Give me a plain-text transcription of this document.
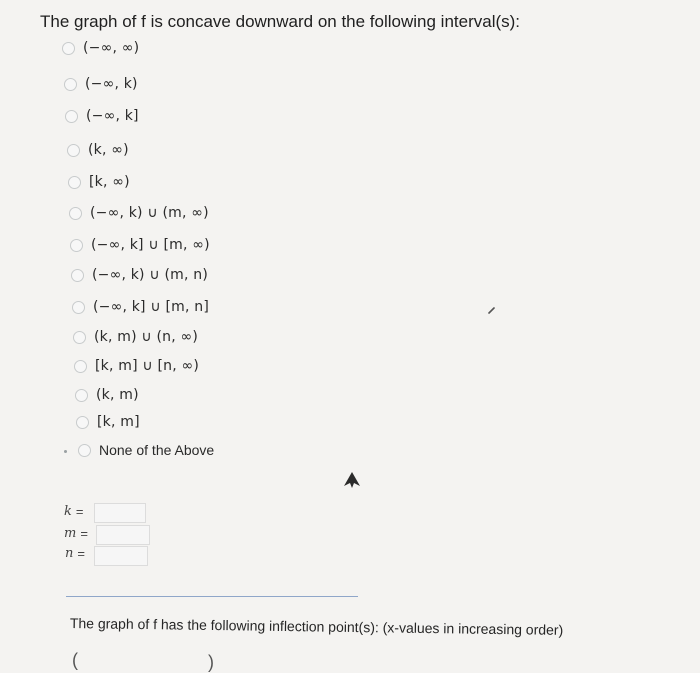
The graph of f is concave downward on the following interval(s):
(−∞, ∞)
(−∞, k)
(−∞, k]
(k, ∞)
[k, ∞)
(−∞, k) ∪ (m, ∞)
(−∞, k] ∪ [m, ∞)
(−∞, k) ∪ (m, n)
(−∞, k] ∪ [m, n]
(k, m) ∪ (n, ∞)
[k, m] ∪ [n, ∞)
(k, m)
[k, m]
None of the Above
k =
m =
n =
The graph of f has the following inflection point(s): (x-values in increasing order)
(	)
